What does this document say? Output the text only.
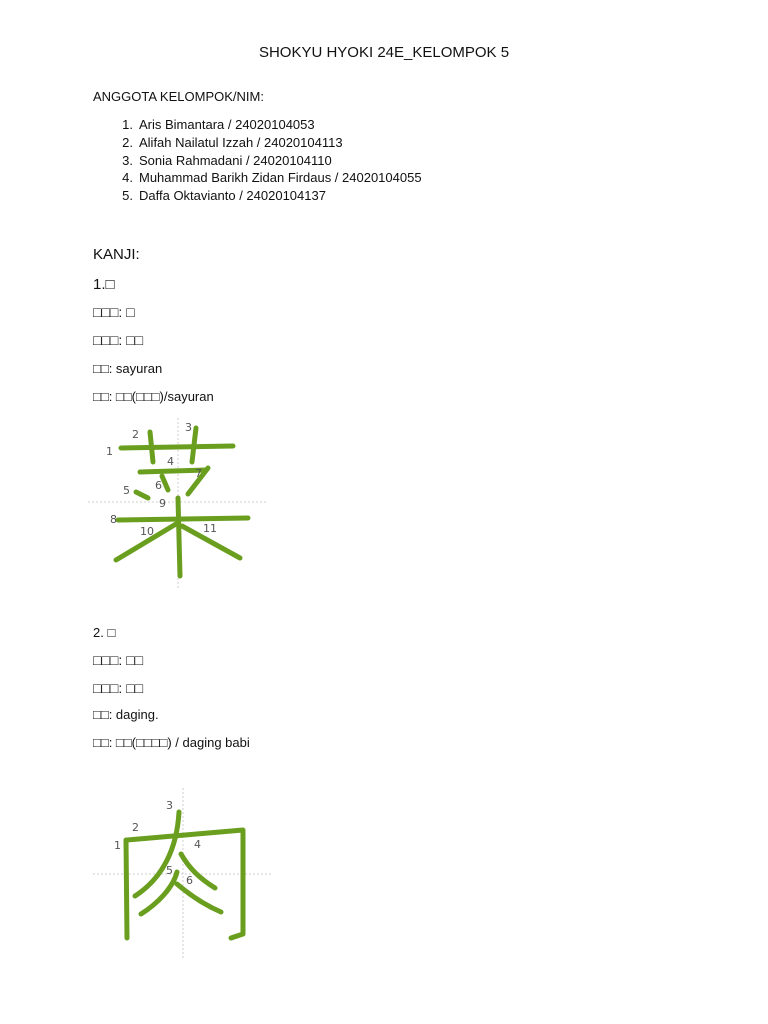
SHOKYU HYOKI 24E_KELOMPOK 5
ANGGOTA KELOMPOK/NIM:
1. Aris Bimantara / 24020104053
2. Alifah Nailatul Izzah / 24020104113
3. Sonia Rahmadani / 24020104110
4. Muhammad Barikh Zidan Firdaus / 24020104055
5. Daffa Oktavianto / 24020104137
KANJI:
1.□
□□□: □
□□□: □□
□□: sayuran
□□: □□(□□□)/sayuran
1
2
3
4
5 6
7
8
9
10	11
2. □
□□□: □□
□□□: □□
□□: daging.
□□: □□(□□□□) / daging babi
1
2
3
4
5
6
